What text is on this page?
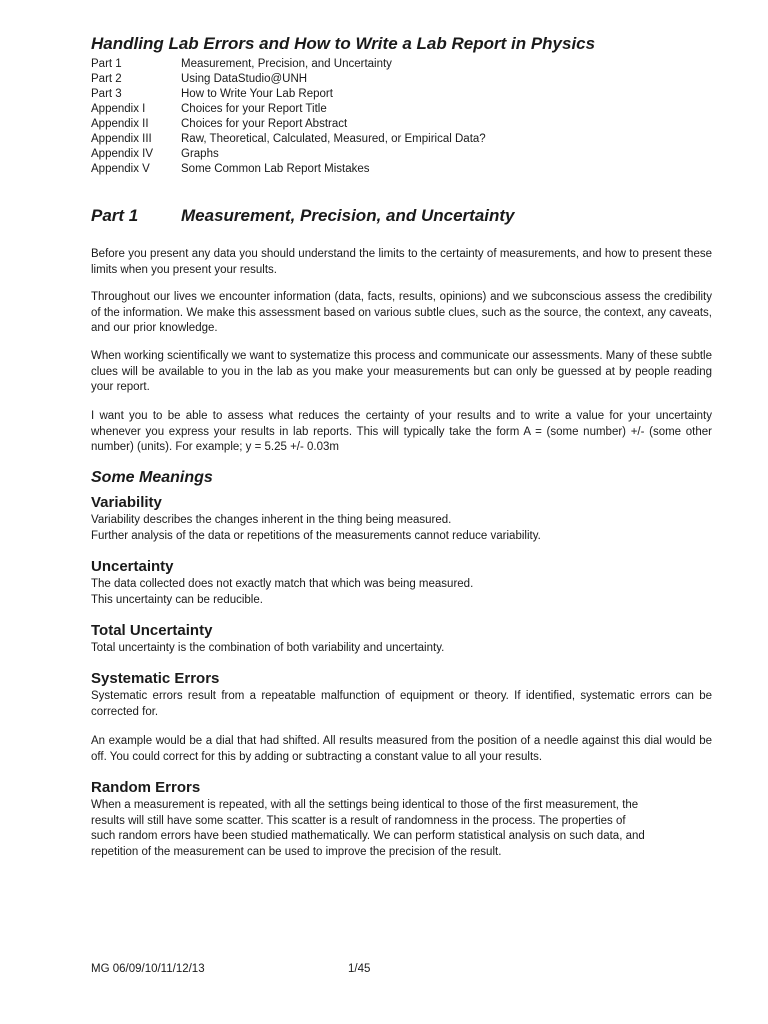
Handling Lab Errors and How to Write a Lab Report in Physics
Part 1	Measurement, Precision, and Uncertainty
Part 2	Using DataStudio@UNH
Part 3	How to Write Your Lab Report
Appendix I	Choices for your Report Title
Appendix II	Choices for your Report Abstract
Appendix III	Raw, Theoretical, Calculated, Measured, or Empirical Data?
Appendix IV	Graphs
Appendix V	Some Common Lab Report Mistakes
Part 1	Measurement, Precision, and Uncertainty

Before you present any data you should understand the limits to the certainty of measurements, and how to present these limits when you present your results.

Throughout our lives we encounter information (data, facts, results, opinions) and we subconscious assess the credibility of the information. We make this assessment based on various subtle clues, such as the source, the context, any caveats, and our prior knowledge.

When working scientifically we want to systematize this process and communicate our assessments. Many of these subtle clues will be available to you in the lab as you make your measurements but can only be guessed at by people reading your report.

I want you to be able to assess what reduces the certainty of your results and to write a value for your uncertainty whenever you express your results in lab reports. This will typically take the form A = (some number) +/- (some other number) (units). For example; y = 5.25 +/- 0.03m

Some Meanings
Variability

Variability describes the changes inherent in the thing being measured.
Further analysis of the data or repetitions of the measurements cannot reduce variability.

Uncertainty

The data collected does not exactly match that which was being measured.
This uncertainty can be reducible.

Total Uncertainty

Total uncertainty is the combination of both variability and uncertainty.

Systematic Errors

Systematic errors result from a repeatable malfunction of equipment or theory. If identified, systematic errors can be corrected for.

An example would be a dial that had shifted. All results measured from the position of a needle against this dial would be off. You could correct for this by adding or subtracting a constant value to all your results.

Random Errors

When a measurement is repeated, with all the settings being identical to those of the first measurement, the
results will still have some scatter. This scatter is a result of randomness in the process. The properties of
such random errors have been studied mathematically. We can perform statistical analysis on such data, and
repetition of the measurement can be used to improve the precision of the result.

MG 06/09/10/11/12/13	1/45
